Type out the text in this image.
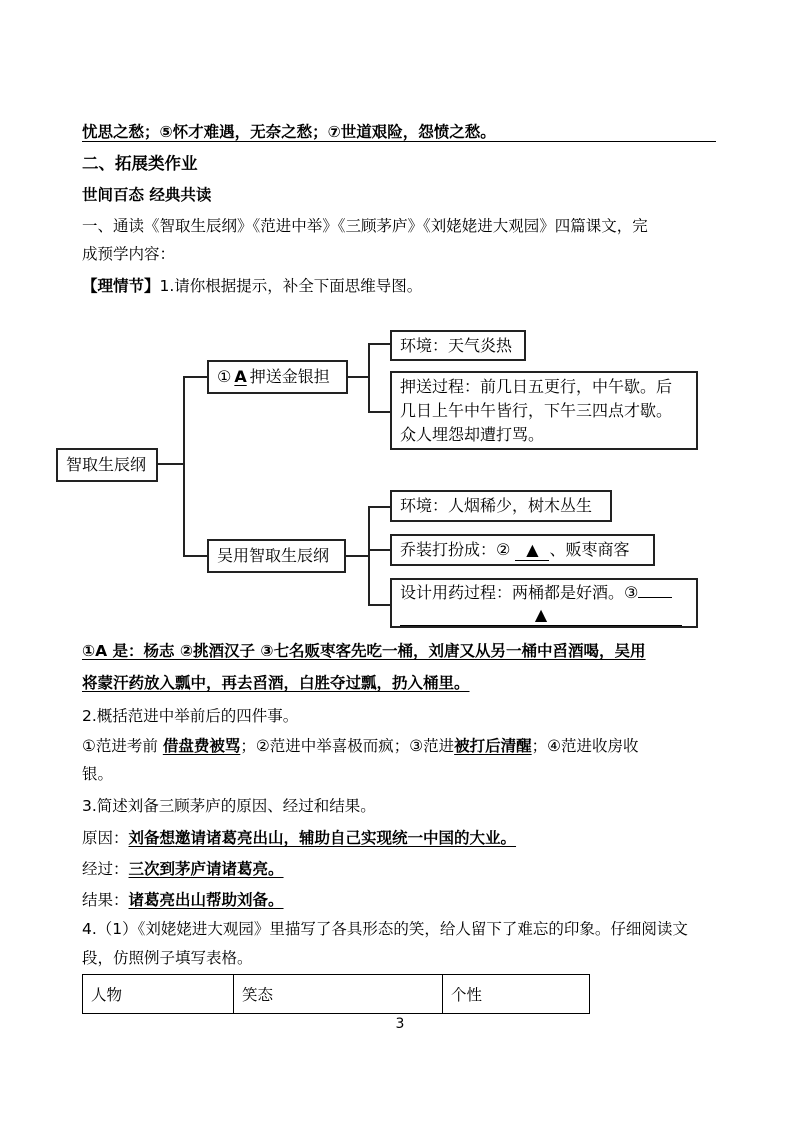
忧思之愁；⑤怀才难遇，无奈之愁；⑦世道艰险，怨愤之愁。
二、拓展类作业
世间百态 经典共读
一、通读《智取生辰纲》《范进中举》《三顾茅庐》《刘姥姥进大观园》四篇课文，完
成预学内容：
【理情节】1.请你根据提示，补全下面思维导图。
智取生辰纲
① A 押送金银担
环境：天气炎热
押送过程：前几日五更行，中午歇。后
几日上午中午皆行，下午三四点才歇。
众人埋怨却遭打骂。
吴用智取生辰纲
环境：人烟稀少，树木丛生
乔装打扮成：② ▲ 、贩枣商客
设计用药过程：两桶都是好酒。③
▲
①A 是：杨志 ②挑酒汉子 ③七名贩枣客先吃一桶，刘唐又从另一桶中舀酒喝，吴用
将蒙汗药放入瓢中，再去舀酒，白胜夺过瓢，扔入桶里。
2.概括范进中举前后的四件事。
①范进考前 借盘费被骂；②范进中举喜极而疯；③范进被打后清醒；④范进收房收
银。
3.简述刘备三顾茅庐的原因、经过和结果。
原因：刘备想邀请诸葛亮出山，辅助自己实现统一中国的大业。
经过：三次到茅庐请诸葛亮。
结果：诸葛亮出山帮助刘备。
4.（1）《刘姥姥进大观园》里描写了各具形态的笑，给人留下了难忘的印象。仔细阅读文
段，仿照例子填写表格。
人物	笑态	个性
3
